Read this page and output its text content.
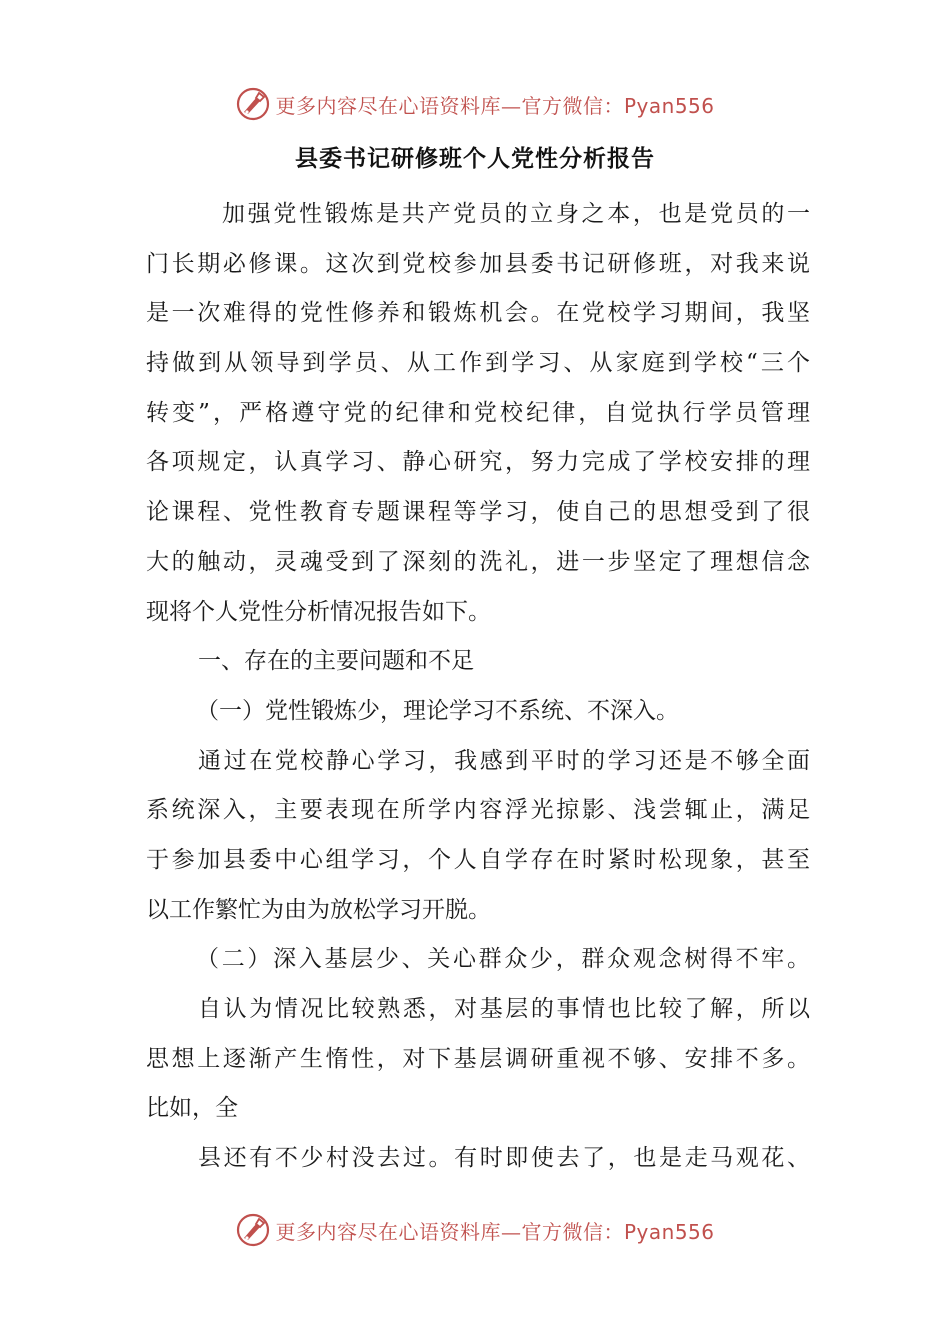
更多内容尽在心语资料库—官方微信：Pyan556
县委书记研修班个人党性分析报告
加强党性锻炼是共产党员的立身之本，也是党员的一
门长期必修课。这次到党校参加县委书记研修班，对我来说
是一次难得的党性修养和锻炼机会。在党校学习期间，我坚
持做到从领导到学员、从工作到学习、从家庭到学校“三个
转变”，严格遵守党的纪律和党校纪律，自觉执行学员管理
各项规定，认真学习、静心研究，努力完成了学校安排的理
论课程、党性教育专题课程等学习，使自己的思想受到了很
大的触动，灵魂受到了深刻的洗礼，进一步坚定了理想信念
现将个人党性分析情况报告如下。
一、存在的主要问题和不足
（一）党性锻炼少，理论学习不系统、不深入。
通过在党校静心学习，我感到平时的学习还是不够全面
系统深入，主要表现在所学内容浮光掠影、浅尝辄止，满足
于参加县委中心组学习，个人自学存在时紧时松现象，甚至
以工作繁忙为由为放松学习开脱。
（二）深入基层少、关心群众少，群众观念树得不牢。
自认为情况比较熟悉，对基层的事情也比较了解，所以
思想上逐渐产生惰性，对下基层调研重视不够、安排不多。
比如，全
县还有不少村没去过。有时即使去了，也是走马观花、
更多内容尽在心语资料库—官方微信：Pyan556
